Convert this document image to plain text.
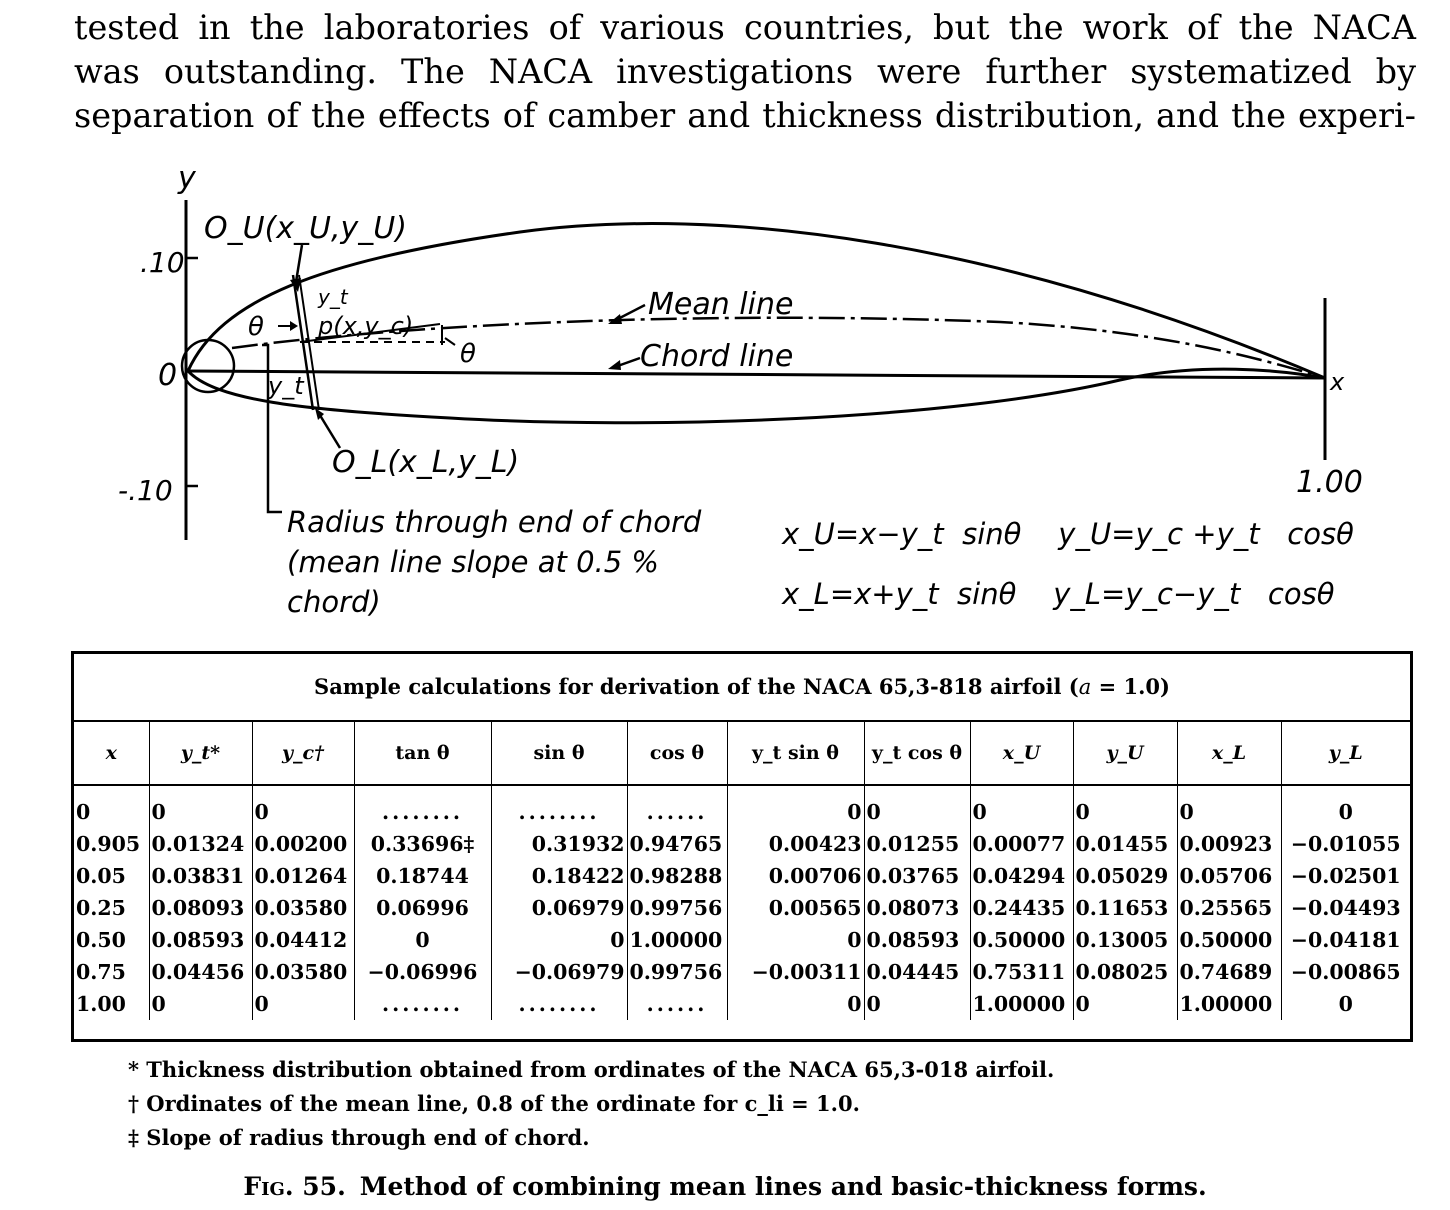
tested in the laboratories of various countries, but the work of the NACA
was outstanding. The NACA investigations were further systematized by
separation of the effects of camber and thickness distribution, and the experi-
y
.10
0
-.10
x
1.00
O_U(x_U,y_U)
θ p(x,y_c)
y_t
y_t
θ
Mean line
Chord line
O_L(x_L,y_L)
Radius through end of chord
(mean line slope at 0.5 %
chord)
x_U=x−y_t  sinθ    y_U=y_c +y_t   cosθ
x_L=x+y_t  sinθ    y_L=y_c−y_t   cosθ
Sample calculations for derivation of the NACA 65,3-818 airfoil (a = 1.0)
x	y_t*	y_c†	tan θ	sin θ	cos θ	y_t sin θ	y_t cos θ	x_U	y_U	x_L	y_L
0	0	0	........	........	......	0	0	0	0	0	0
0.905	0.01324	0.00200	0.33696‡	0.31932	0.94765	0.00423	0.01255	0.00077	0.01455	0.00923	−0.01055
0.05	0.03831	0.01264	0.18744	0.18422	0.98288	0.00706	0.03765	0.04294	0.05029	0.05706	−0.02501
0.25	0.08093	0.03580	0.06996	0.06979	0.99756	0.00565	0.08073	0.24435	0.11653	0.25565	−0.04493
0.50	0.08593	0.04412	0	0	1.00000	0	0.08593	0.50000	0.13005	0.50000	−0.04181
0.75	0.04456	0.03580	−0.06996	−0.06979	0.99756	−0.00311	0.04445	0.75311	0.08025	0.74689	−0.00865
1.00	0	0	........	........	......	0	0	1.00000	0	1.00000	0
* Thickness distribution obtained from ordinates of the NACA 65,3-018 airfoil.
† Ordinates of the mean line, 0.8 of the ordinate for c_li = 1.0.
‡ Slope of radius through end of chord.
Fig. 55. Method of combining mean lines and basic-thickness forms.
